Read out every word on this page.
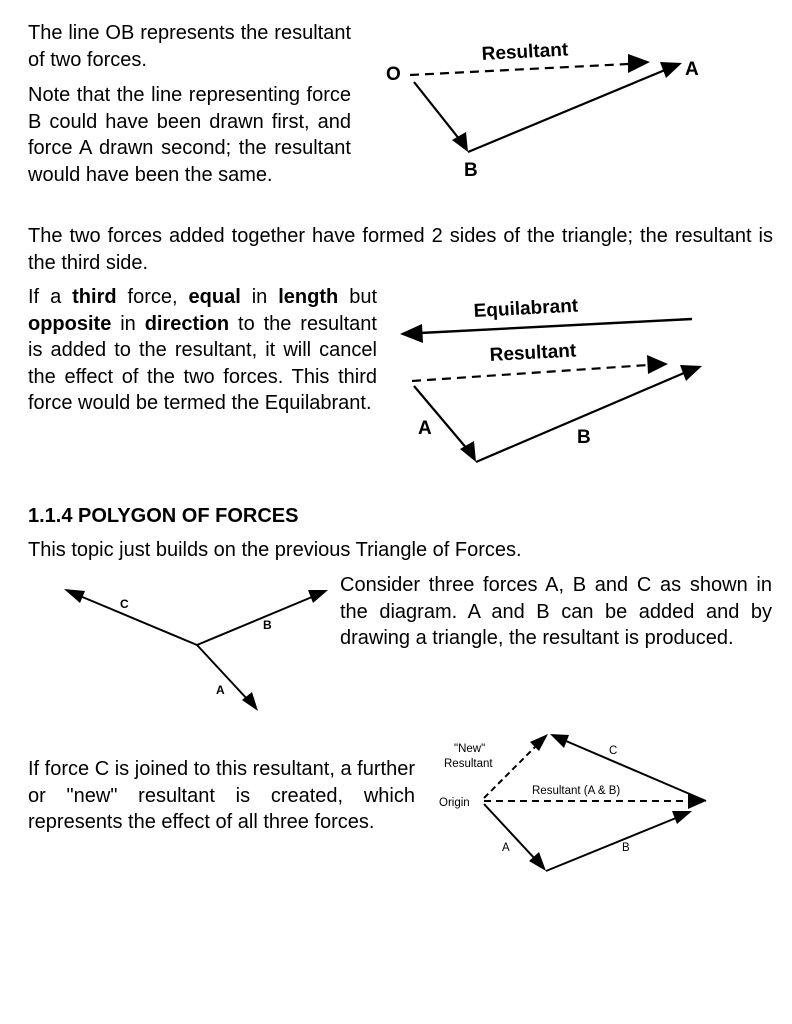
The line OB represents the resultant of two forces.

Note that the line representing force B could have been drawn first, and force A drawn second; the resultant would have been the same.

The two forces added together have formed 2 sides of the triangle; the resultant is the third side.

If a third force, equal in length but opposite in direction to the resultant is added to the resultant, it will cancel the effect of the two forces. This third force would be termed the Equilabrant.

O	A
B
Resultant
Equilabrant
Resultant
A	B

1.1.4 POLYGON OF FORCES

This topic just builds on the previous Triangle of Forces.

Consider three forces A, B and C as shown in the diagram. A and B can be added and by drawing a triangle, the resultant is produced.

If force C is joined to this resultant, a further or "new" resultant is created, which represents the effect of all three forces.

C
B
A
"New"
Resultant
Origin
Resultant (A & B)
A	B
C
